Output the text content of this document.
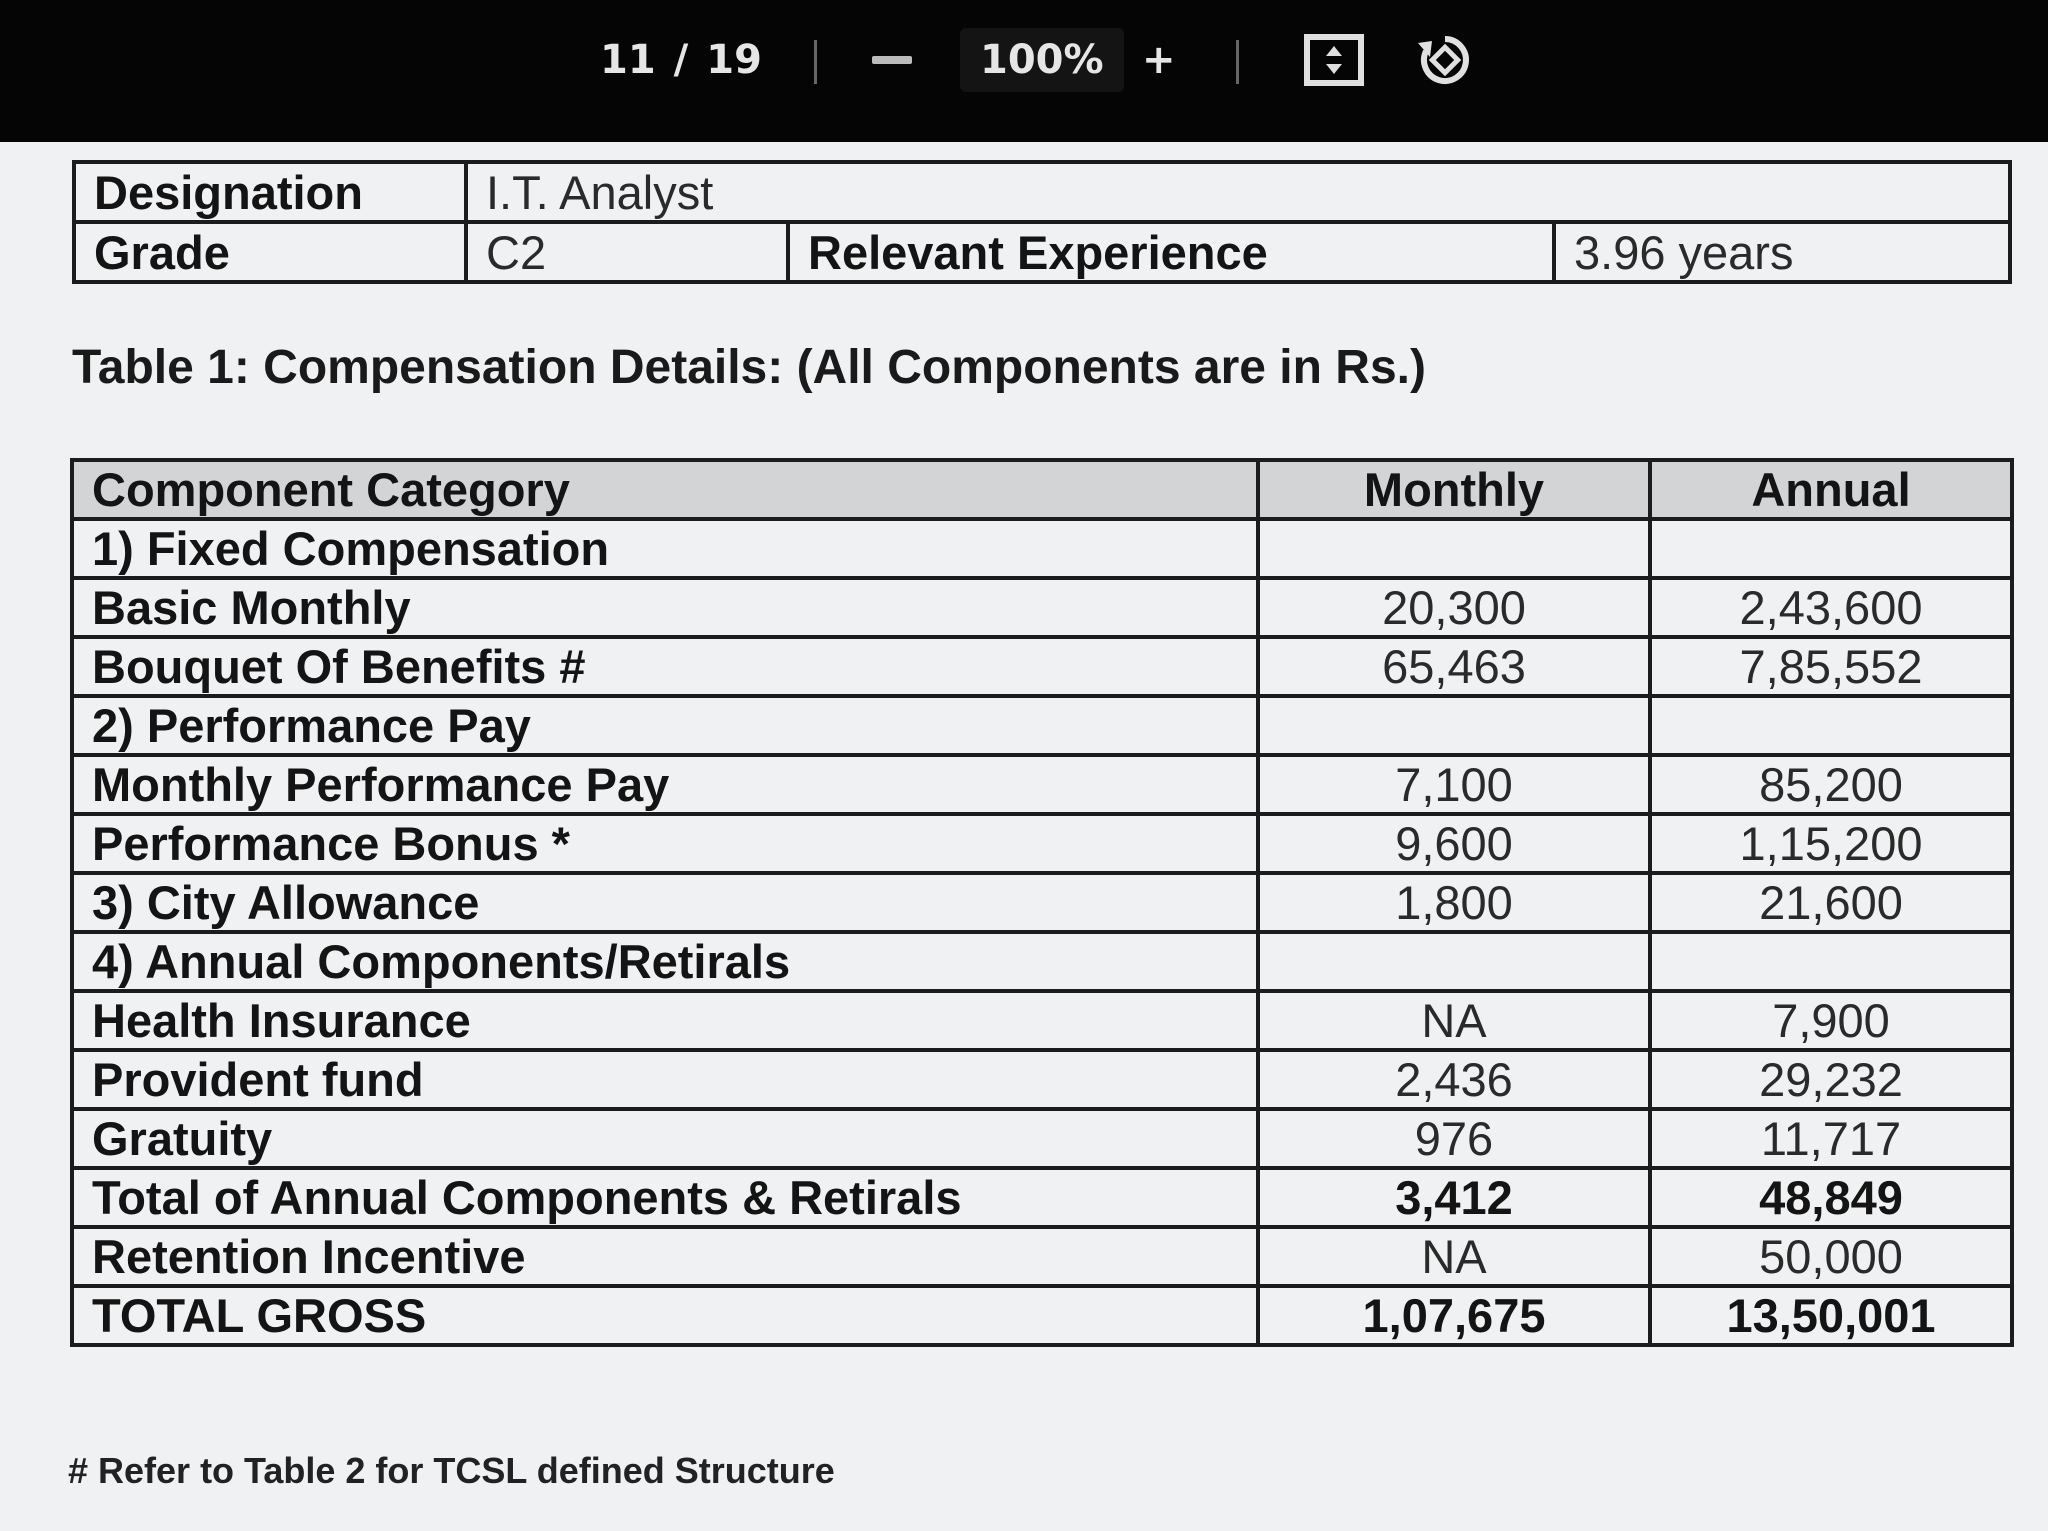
11 / 19	100% +
Designation	I.T. Analyst		
Grade	C2	Relevant Experience	3.96 years
Table 1: Compensation Details: (All Components are in Rs.)
Component Category	Monthly	Annual
1) Fixed Compensation		
Basic Monthly	20,300	2,43,600
Bouquet Of Benefits #	65,463	7,85,552
2) Performance Pay		
Monthly Performance Pay	7,100	85,200
Performance Bonus *	9,600	1,15,200
3) City Allowance	1,800	21,600
4) Annual Components/Retirals		
Health Insurance	NA	7,900
Provident fund	2,436	29,232
Gratuity	976	11,717
Total of Annual Components & Retirals	3,412	48,849
Retention Incentive	NA	50,000
TOTAL GROSS	1,07,675	13,50,001
# Refer to Table 2 for TCSL defined Structure
